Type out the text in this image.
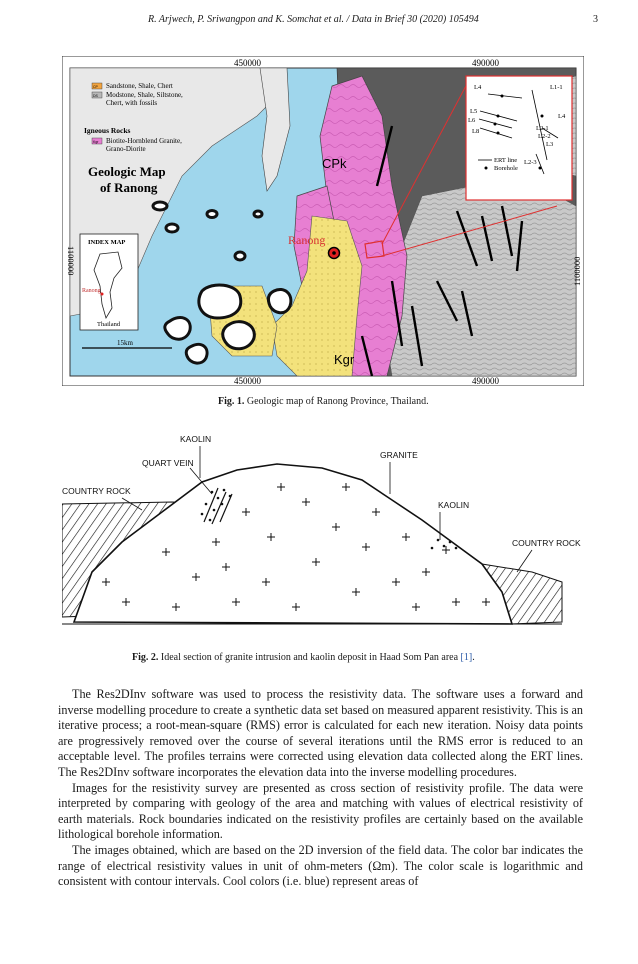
R. Arjwech, P. Sriwangpon and K. Somchat et al. / Data in Brief 30 (2020) 105494	3
450000	490000
450000	490000
1100000	1100000
CP
DS
Sandstone, Shale, Chert
Modstone, Shale, Siltstone,
Chert, with fossils
Igneous Rocks
Kgr Biotite-Hornblend Granite,
Grano-Diorite
Geologic Map
of Ranong
INDEX MAP
Ranong
Thailand
15km
CPk
Kgr
Ranong
L4	L1-1
L5
L6
L8
L4
L2-1
L2-2
L3
L2-3
ERT line
Borehole
Fig. 1. Geologic map of Ranong Province, Thailand.
KAOLIN
QUART VEIN
GRANITE
COUNTRY ROCK
KAOLIN
COUNTRY ROCK
Fig. 2. Ideal section of granite intrusion and kaolin deposit in Haad Som Pan area [1].

The Res2DInv software was used to process the resistivity data. The software uses a forward and inverse modelling procedure to create a synthetic data set based on measured apparent resistivity. This is an iterative process; a root-mean-square (RMS) error is calculated for each new iteration. Noisy data points are progressively removed over the course of several iterations until the RMS error is reduced to an acceptable level. The profiles terrains were corrected using elevation data collected along the ERT lines. The Res2DInv software incorporates the elevation data into the inverse modelling procedures.

Images for the resistivity survey are presented as cross section of resistivity profile. The data were interpreted by comparing with geology of the area and matching with values of electrical resistivity of earth materials. Rock boundaries indicated on the resistivity profiles are certainly based on the available lithological borehole information.

The images obtained, which are based on the 2D inversion of the field data. The color bar indicates the range of electrical resistivity values in unit of ohm-meters (Ωm). The color scale is logarithmic and consistent with contour intervals. Cool colors (i.e. blue) represent areas of
